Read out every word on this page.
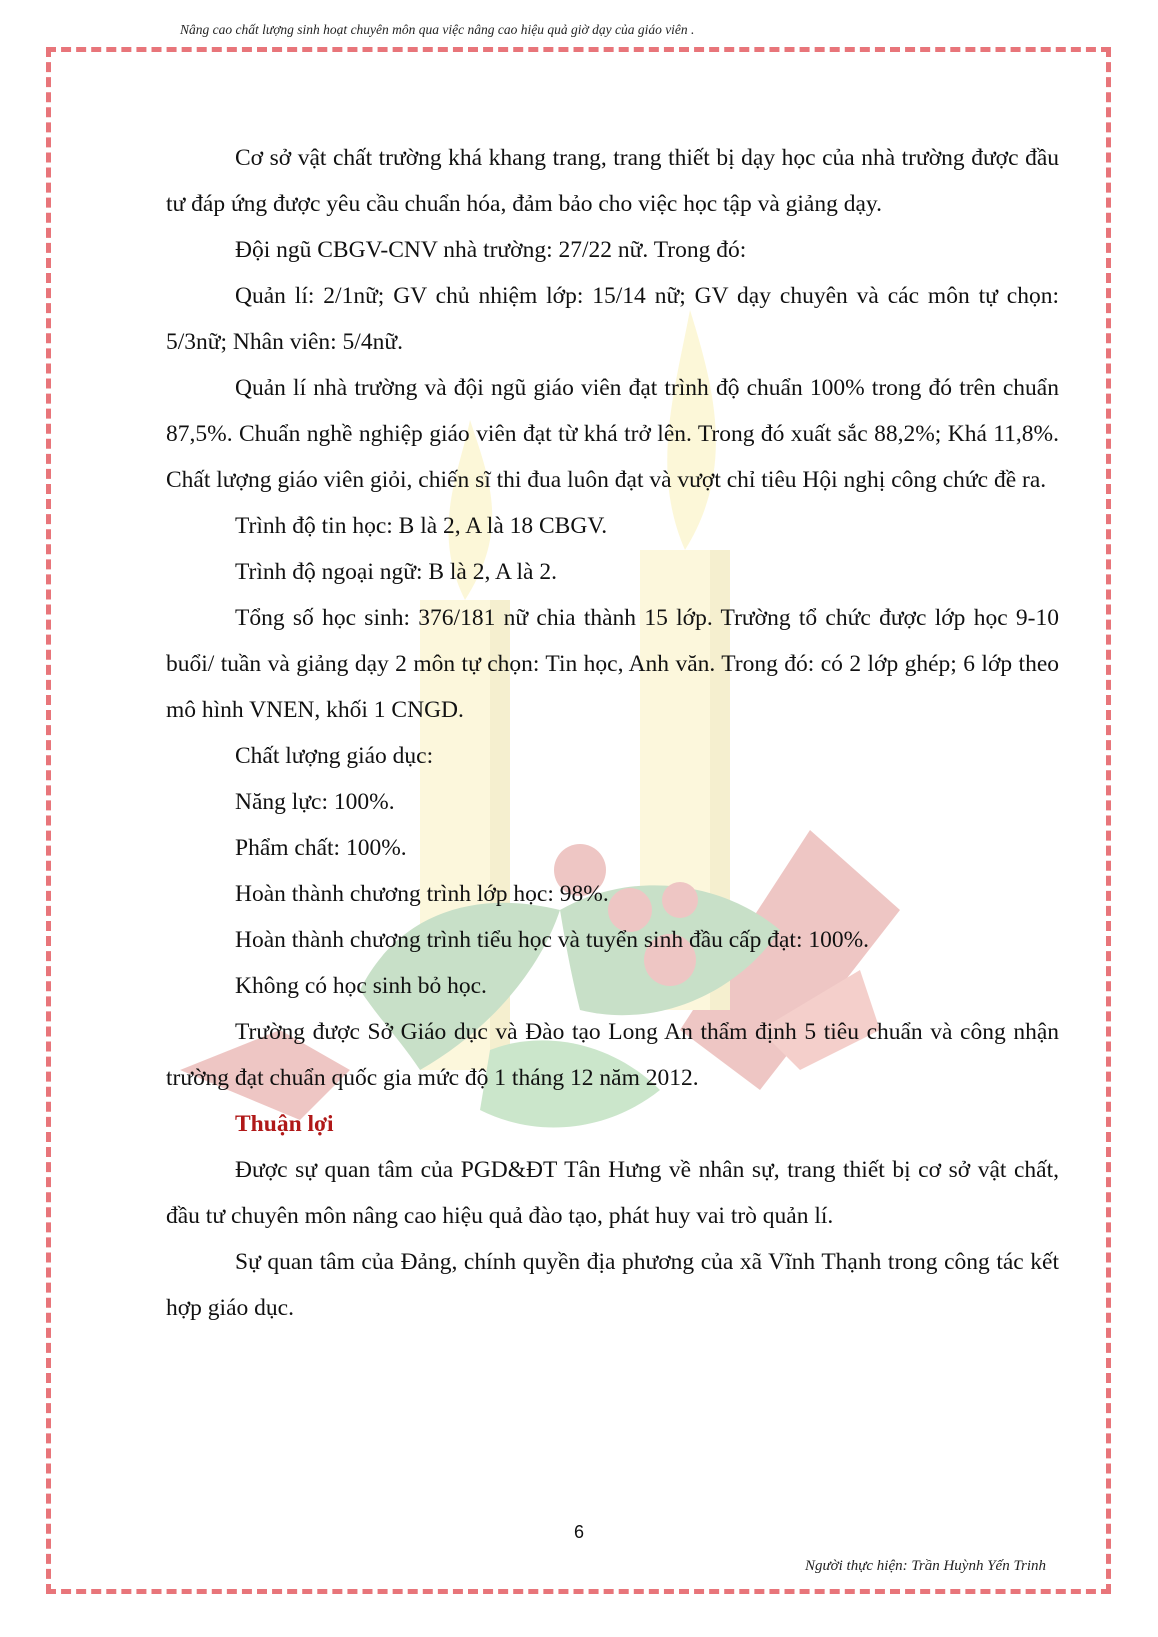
Nâng cao chất lượng sinh hoạt chuyên môn qua việc nâng cao hiệu quả giờ dạy của giáo viên .

Cơ sở vật chất trường khá khang trang, trang thiết bị dạy học của nhà trường được đầu tư đáp ứng được yêu cầu chuẩn hóa, đảm bảo cho việc học tập và giảng dạy.

Đội ngũ CBGV-CNV nhà trường: 27/22 nữ. Trong đó:

Quản lí: 2/1nữ; GV chủ nhiệm lớp: 15/14 nữ; GV dạy chuyên và các môn tự chọn: 5/3nữ; Nhân viên: 5/4nữ.

Quản lí nhà trường và đội ngũ giáo viên đạt trình độ chuẩn 100% trong đó trên chuẩn 87,5%. Chuẩn nghề nghiệp giáo viên đạt từ khá trở lên. Trong đó xuất sắc 88,2%; Khá 11,8%. Chất lượng giáo viên giỏi, chiến sĩ thi đua luôn đạt và vượt chỉ tiêu Hội nghị công chức đề ra.

Trình độ tin học: B là 2, A là 18 CBGV.

Trình độ ngoại ngữ: B là 2, A là 2.

Tổng số học sinh: 376/181 nữ chia thành 15 lớp. Trường tổ chức được lớp học 9-10 buổi/ tuần và giảng dạy 2 môn tự chọn: Tin học, Anh văn. Trong đó: có 2 lớp ghép; 6 lớp theo mô hình VNEN, khối 1 CNGD.

Chất lượng giáo dục:

Năng lực: 100%.

Phẩm chất: 100%.

Hoàn thành chương trình lớp học: 98%.

Hoàn thành chương trình tiểu học và tuyển sinh đầu cấp đạt: 100%.

Không có học sinh bỏ học.

Trường được Sở Giáo dục và Đào tạo Long An thẩm định 5 tiêu chuẩn và công nhận trường đạt chuẩn quốc gia mức độ 1 tháng 12 năm 2012.

Thuận lợi

Được sự quan tâm của PGD&ĐT Tân Hưng về nhân sự, trang thiết bị cơ sở vật chất, đầu tư chuyên môn nâng cao hiệu quả đào tạo, phát huy vai trò quản lí.

Sự quan tâm của Đảng, chính quyền địa phương của xã Vĩnh Thạnh trong công tác kết hợp giáo dục.

6
Người thực hiện: Trần Huỳnh Yến Trinh
